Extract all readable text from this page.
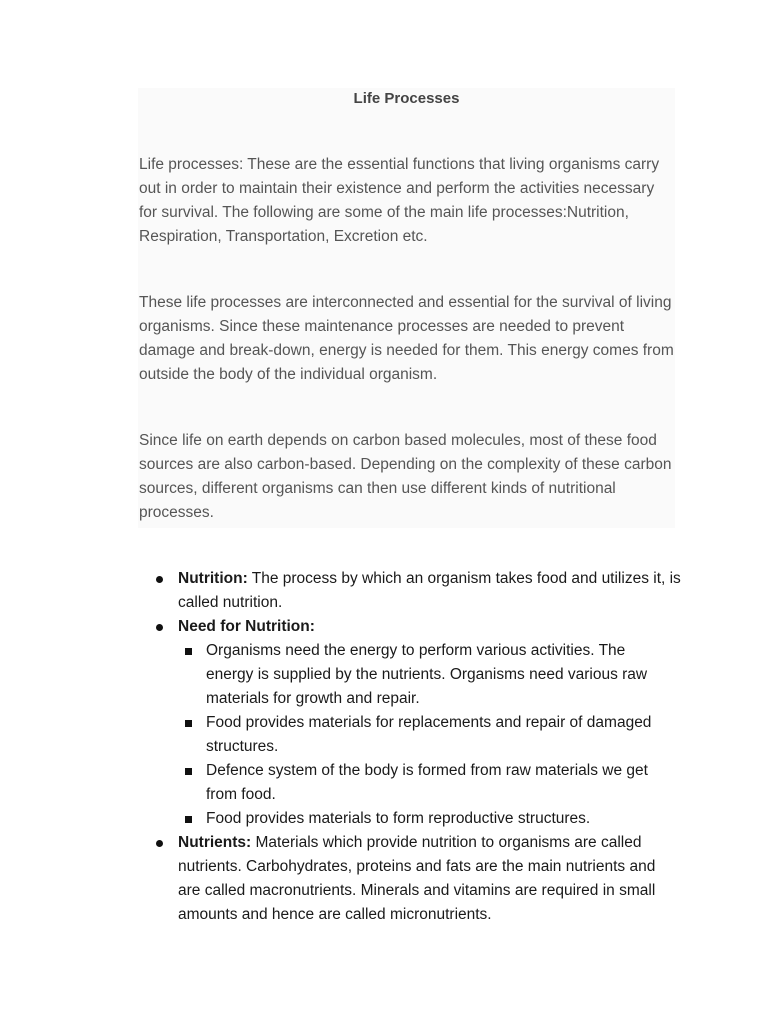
Life Processes

Life processes: These are the essential functions that living organisms carry out in order to maintain their existence and perform the activities necessary for survival. The following are some of the main life processes:Nutrition, Respiration, Transportation, Excretion etc.

These life processes are interconnected and essential for the survival of living organisms. Since these maintenance processes are needed to prevent damage and break-down, energy is needed for them. This energy comes from outside the body of the individual organism.

Since life on earth depends on carbon based molecules, most of these food sources are also carbon-based. Depending on the complexity of these carbon sources, different organisms can then use different kinds of nutritional processes.

Nutrition: The process by which an organism takes food and utilizes it, is called nutrition.
Need for Nutrition:
Organisms need the energy to perform various activities. The energy is supplied by the nutrients. Organisms need various raw materials for growth and repair.
Food provides materials for replacements and repair of damaged structures.
Defence system of the body is formed from raw materials we get from food.
Food provides materials to form reproductive structures.
Nutrients: Materials which provide nutrition to organisms are called nutrients. Carbohydrates, proteins and fats are the main nutrients and are called macronutrients. Minerals and vitamins are required in small amounts and hence are called micronutrients.
